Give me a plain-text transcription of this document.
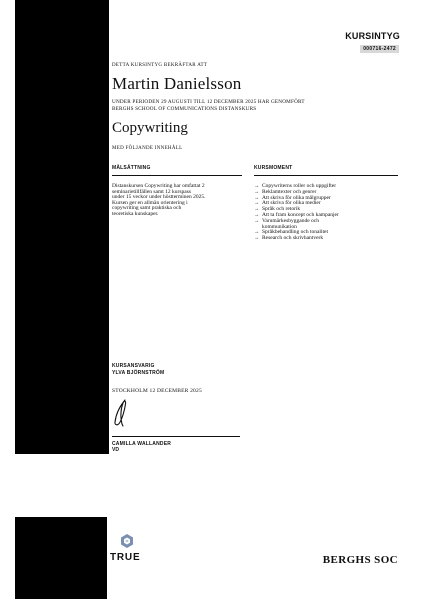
KURSINTYG
000716-2472
DETTA KURSINTYG BEKRÄFTAR ATT
Martin Danielsson
UNDER PERIODEN 29 AUGUSTI TILL 12 DECEMBER 2025 HAR GENOMFÖRT
BERGHS SCHOOL OF COMMUNICATIONS DISTANSKURS
Copywriting
MED FÖLJANDE INNEHÅLL
MÅLSÄTTNING	KURSMOMENT
Distanskursen Copywriting har omfattat 2
seminarietillfällen samt 12 kurspass
under 15 veckor under höstterminen 2025.
Kursen ger en allmän orientering i
copywriting samt praktiska och
teoretiska kunskaper.
→ Copywriterns roller och uppgifter
→ Reklamtexter och genrer
→ Att skriva för olika målgrupper
→ Att skriva för olika medier
→ Språk och retorik
→ Att ta fram koncept och kampanjer
→ Varumärkesbyggande och
kommunikation
→ Språkbehandling och tonalitet
→ Research och skrivhantverk
KURSANSVARIG
YLVA BJÖRNSTRÖM
STOCKHOLM 12 DECEMBER 2025
CAMILLA WALLANDER
VD
TRUE	BERGHS SOC
